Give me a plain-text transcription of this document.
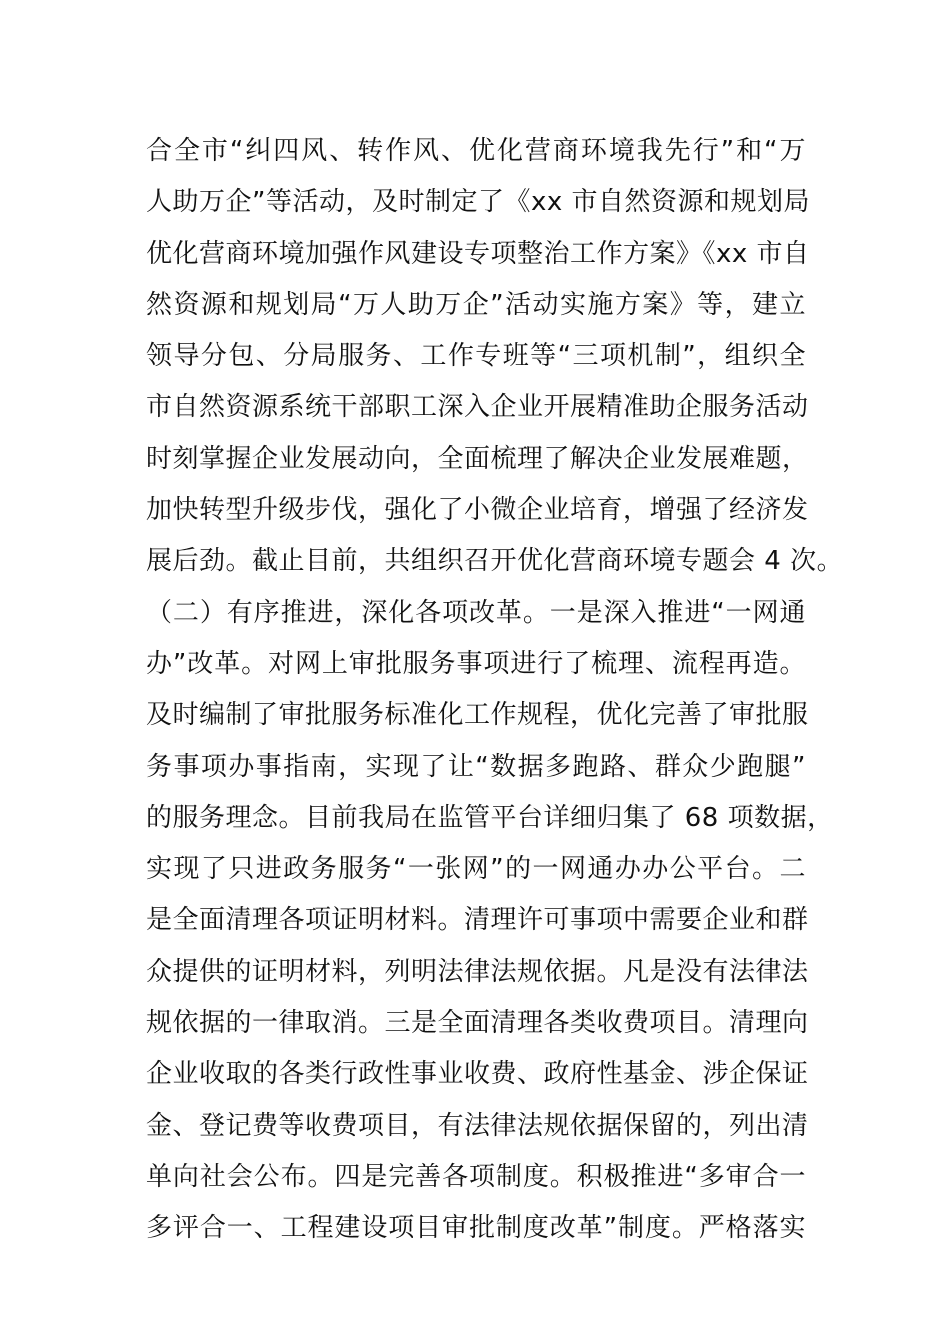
合全市“纠四风、转作风、优化营商环境我先行”和“万
人助万企”等活动，及时制定了《xx 市自然资源和规划局
优化营商环境加强作风建设专项整治工作方案》《xx 市自
然资源和规划局“万人助万企”活动实施方案》等，建立
领导分包、分局服务、工作专班等“三项机制”，组织全
市自然资源系统干部职工深入企业开展精准助企服务活动
时刻掌握企业发展动向，全面梳理了解决企业发展难题，
加快转型升级步伐，强化了小微企业培育，增强了经济发
展后劲。截止目前，共组织召开优化营商环境专题会 4 次。
（二）有序推进，深化各项改革。一是深入推进“一网通
办”改革。对网上审批服务事项进行了梳理、流程再造。
及时编制了审批服务标准化工作规程，优化完善了审批服
务事项办事指南，实现了让“数据多跑路、群众少跑腿”
的服务理念。目前我局在监管平台详细归集了 68 项数据，
实现了只进政务服务“一张网”的一网通办办公平台。二
是全面清理各项证明材料。清理许可事项中需要企业和群
众提供的证明材料，列明法律法规依据。凡是没有法律法
规依据的一律取消。三是全面清理各类收费项目。清理向
企业收取的各类行政性事业收费、政府性基金、涉企保证
金、登记费等收费项目，有法律法规依据保留的，列出清
单向社会公布。四是完善各项制度。积极推进“多审合一
多评合一、工程建设项目审批制度改革”制度。严格落实
